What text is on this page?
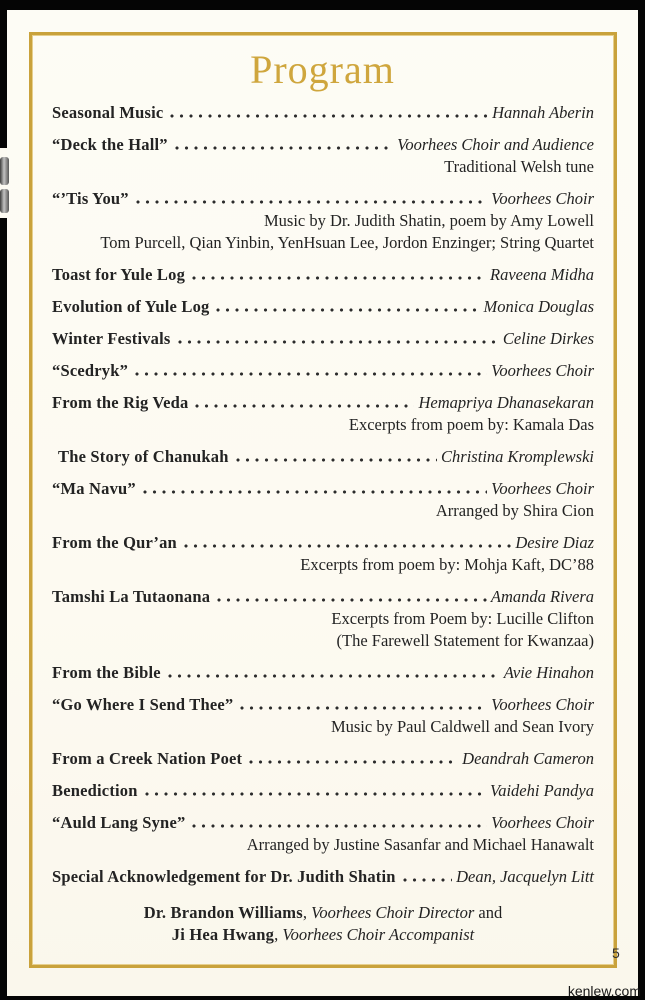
Program
Seasonal Music	Hannah Aberin
“Deck the Hall”	Voorhees Choir and Audience
Traditional Welsh tune
“’Tis You”	Voorhees Choir
Music by Dr. Judith Shatin, poem by Amy Lowell
Tom Purcell, Qian Yinbin, YenHsuan Lee, Jordon Enzinger; String Quartet
Toast for Yule Log	Raveena Midha
Evolution of Yule Log	Monica Douglas
Winter Festivals	Celine Dirkes
“Scedryk”	Voorhees Choir
From the Rig Veda	Hemapriya Dhanasekaran
Excerpts from poem by: Kamala Das
The Story of Chanukah	Christina Kromplewski
“Ma Navu”	Voorhees Choir
Arranged by Shira Cion
From the Qur’an	Desire Diaz
Excerpts from poem by: Mohja Kaft, DC’88
Tamshi La Tutaonana	Amanda Rivera
Excerpts from Poem by: Lucille Clifton
(The Farewell Statement for Kwanzaa)
From the Bible	Avie Hinahon
“Go Where I Send Thee”	Voorhees Choir
Music by Paul Caldwell and Sean Ivory
From a Creek Nation Poet	Deandrah Cameron
Benediction	Vaidehi Pandya
“Auld Lang Syne”	Voorhees Choir
Arranged by Justine Sasanfar and Michael Hanawalt
Special Acknowledgement for Dr. Judith Shatin	Dean, Jacquelyn Litt
Dr. Brandon Williams, Voorhees Choir Director and
Ji Hea Hwang, Voorhees Choir Accompanist
5
kenlew.com
